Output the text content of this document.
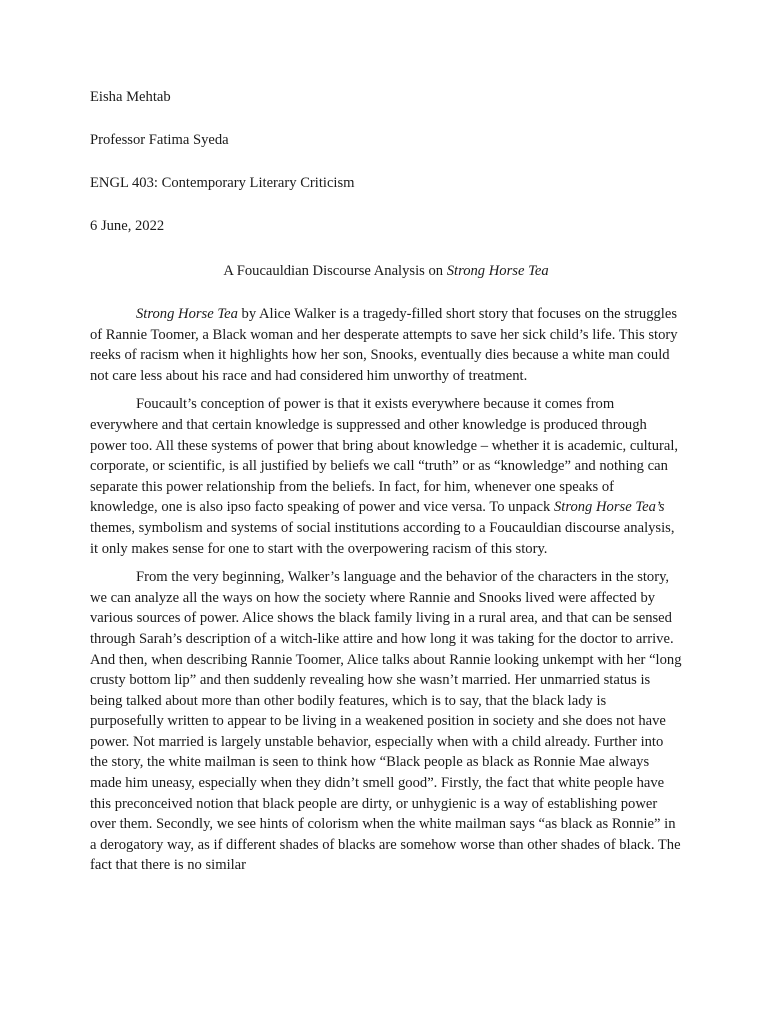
Eisha Mehtab

Professor Fatima Syeda

ENGL 403: Contemporary Literary Criticism

6 June, 2022

A Foucauldian Discourse Analysis on Strong Horse Tea

Strong Horse Tea by Alice Walker is a tragedy-filled short story that focuses on the struggles of Rannie Toomer, a Black woman and her desperate attempts to save her sick child’s life. This story reeks of racism when it highlights how her son, Snooks, eventually dies because a white man could not care less about his race and had considered him unworthy of treatment.

Foucault’s conception of power is that it exists everywhere because it comes from everywhere and that certain knowledge is suppressed and other knowledge is produced through power too. All these systems of power that bring about knowledge – whether it is academic, cultural, corporate, or scientific, is all justified by beliefs we call “truth” or as “knowledge” and nothing can separate this power relationship from the beliefs. In fact, for him, whenever one speaks of knowledge, one is also ipso facto speaking of power and vice versa. To unpack Strong Horse Tea’s themes, symbolism and systems of social institutions according to a Foucauldian discourse analysis, it only makes sense for one to start with the overpowering racism of this story.

From the very beginning, Walker’s language and the behavior of the characters in the story, we can analyze all the ways on how the society where Rannie and Snooks lived were affected by various sources of power. Alice shows the black family living in a rural area, and that can be sensed through Sarah’s description of a witch-like attire and how long it was taking for the doctor to arrive. And then, when describing Rannie Toomer, Alice talks about Rannie looking unkempt with her “long crusty bottom lip” and then suddenly revealing how she wasn’t married. Her unmarried status is being talked about more than other bodily features, which is to say, that the black lady is purposefully written to appear to be living in a weakened position in society and she does not have power. Not married is largely unstable behavior, especially when with a child already. Further into the story, the white mailman is seen to think how “Black people as black as Ronnie Mae always made him uneasy, especially when they didn’t smell good”. Firstly, the fact that white people have this preconceived notion that black people are dirty, or unhygienic is a way of establishing power over them. Secondly, we see hints of colorism when the white mailman says “as black as Ronnie” in a derogatory way, as if different shades of blacks are somehow worse than other shades of black. The fact that there is no similar
